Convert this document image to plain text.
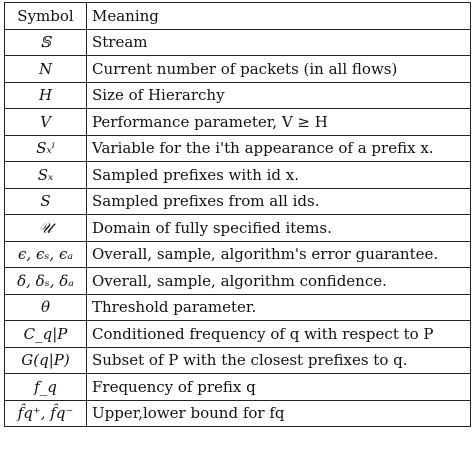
Symbol	Meaning
𝕊	Stream
N	Current number of packets (in all flows)
H	Size of Hierarchy
V	Performance parameter, V ≥ H
Sₓⁱ	Variable for the i'th appearance of a prefix x.
Sₓ	Sampled prefixes with id x.
S	Sampled prefixes from all ids.
𝒰	Domain of fully specified items.
ϵ, ϵₛ, ϵₐ	Overall, sample, algorithm's error guarantee.
δ, δₛ, δₐ	Overall, sample, algorithm confidence.
θ	Threshold parameter.
C_q|P	Conditioned frequency of q with respect to P
G(q|P)	Subset of P with the closest prefixes to q.
f_q	Frequency of prefix q
f̂q⁺, f̂q⁻	Upper,lower bound for fq
